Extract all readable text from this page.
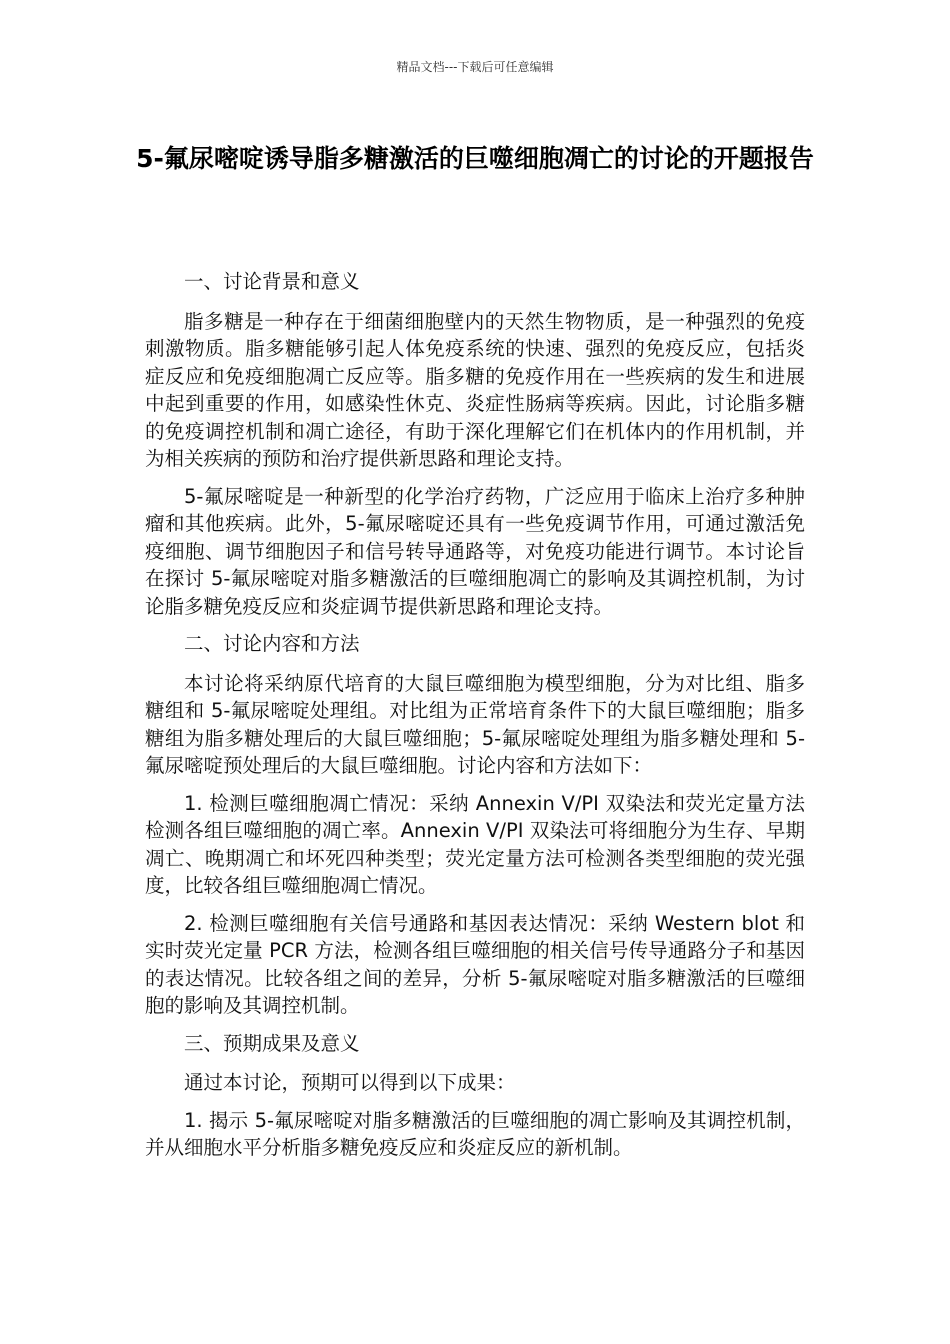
精品文档---下载后可任意编辑
5-氟尿嘧啶诱导脂多糖激活的巨噬细胞凋亡的讨论的开题报告

一、讨论背景和意义

脂多糖是一种存在于细菌细胞壁内的天然生物物质，是一种强烈的免疫刺激物质。脂多糖能够引起人体免疫系统的快速、强烈的免疫反应，包括炎症反应和免疫细胞凋亡反应等。脂多糖的免疫作用在一些疾病的发生和进展中起到重要的作用，如感染性休克、炎症性肠病等疾病。因此，讨论脂多糖的免疫调控机制和凋亡途径，有助于深化理解它们在机体内的作用机制，并为相关疾病的预防和治疗提供新思路和理论支持。

5-氟尿嘧啶是一种新型的化学治疗药物，广泛应用于临床上治疗多种肿瘤和其他疾病。此外，5-氟尿嘧啶还具有一些免疫调节作用，可通过激活免疫细胞、调节细胞因子和信号转导通路等，对免疫功能进行调节。本讨论旨在探讨 5-氟尿嘧啶对脂多糖激活的巨噬细胞凋亡的影响及其调控机制，为讨论脂多糖免疫反应和炎症调节提供新思路和理论支持。

二、讨论内容和方法

本讨论将采纳原代培育的大鼠巨噬细胞为模型细胞，分为对比组、脂多糖组和 5-氟尿嘧啶处理组。对比组为正常培育条件下的大鼠巨噬细胞；脂多糖组为脂多糖处理后的大鼠巨噬细胞；5-氟尿嘧啶处理组为脂多糖处理和 5-氟尿嘧啶预处理后的大鼠巨噬细胞。讨论内容和方法如下：

1. 检测巨噬细胞凋亡情况：采纳 Annexin V/PI 双染法和荧光定量方法检测各组巨噬细胞的凋亡率。Annexin V/PI 双染法可将细胞分为生存、早期凋亡、晚期凋亡和坏死四种类型；荧光定量方法可检测各类型细胞的荧光强度，比较各组巨噬细胞凋亡情况。

2. 检测巨噬细胞有关信号通路和基因表达情况：采纳 Western blot 和实时荧光定量 PCR 方法，检测各组巨噬细胞的相关信号传导通路分子和基因的表达情况。比较各组之间的差异，分析 5-氟尿嘧啶对脂多糖激活的巨噬细胞的影响及其调控机制。

三、预期成果及意义

通过本讨论，预期可以得到以下成果：

1. 揭示 5-氟尿嘧啶对脂多糖激活的巨噬细胞的凋亡影响及其调控机制，并从细胞水平分析脂多糖免疫反应和炎症反应的新机制。
